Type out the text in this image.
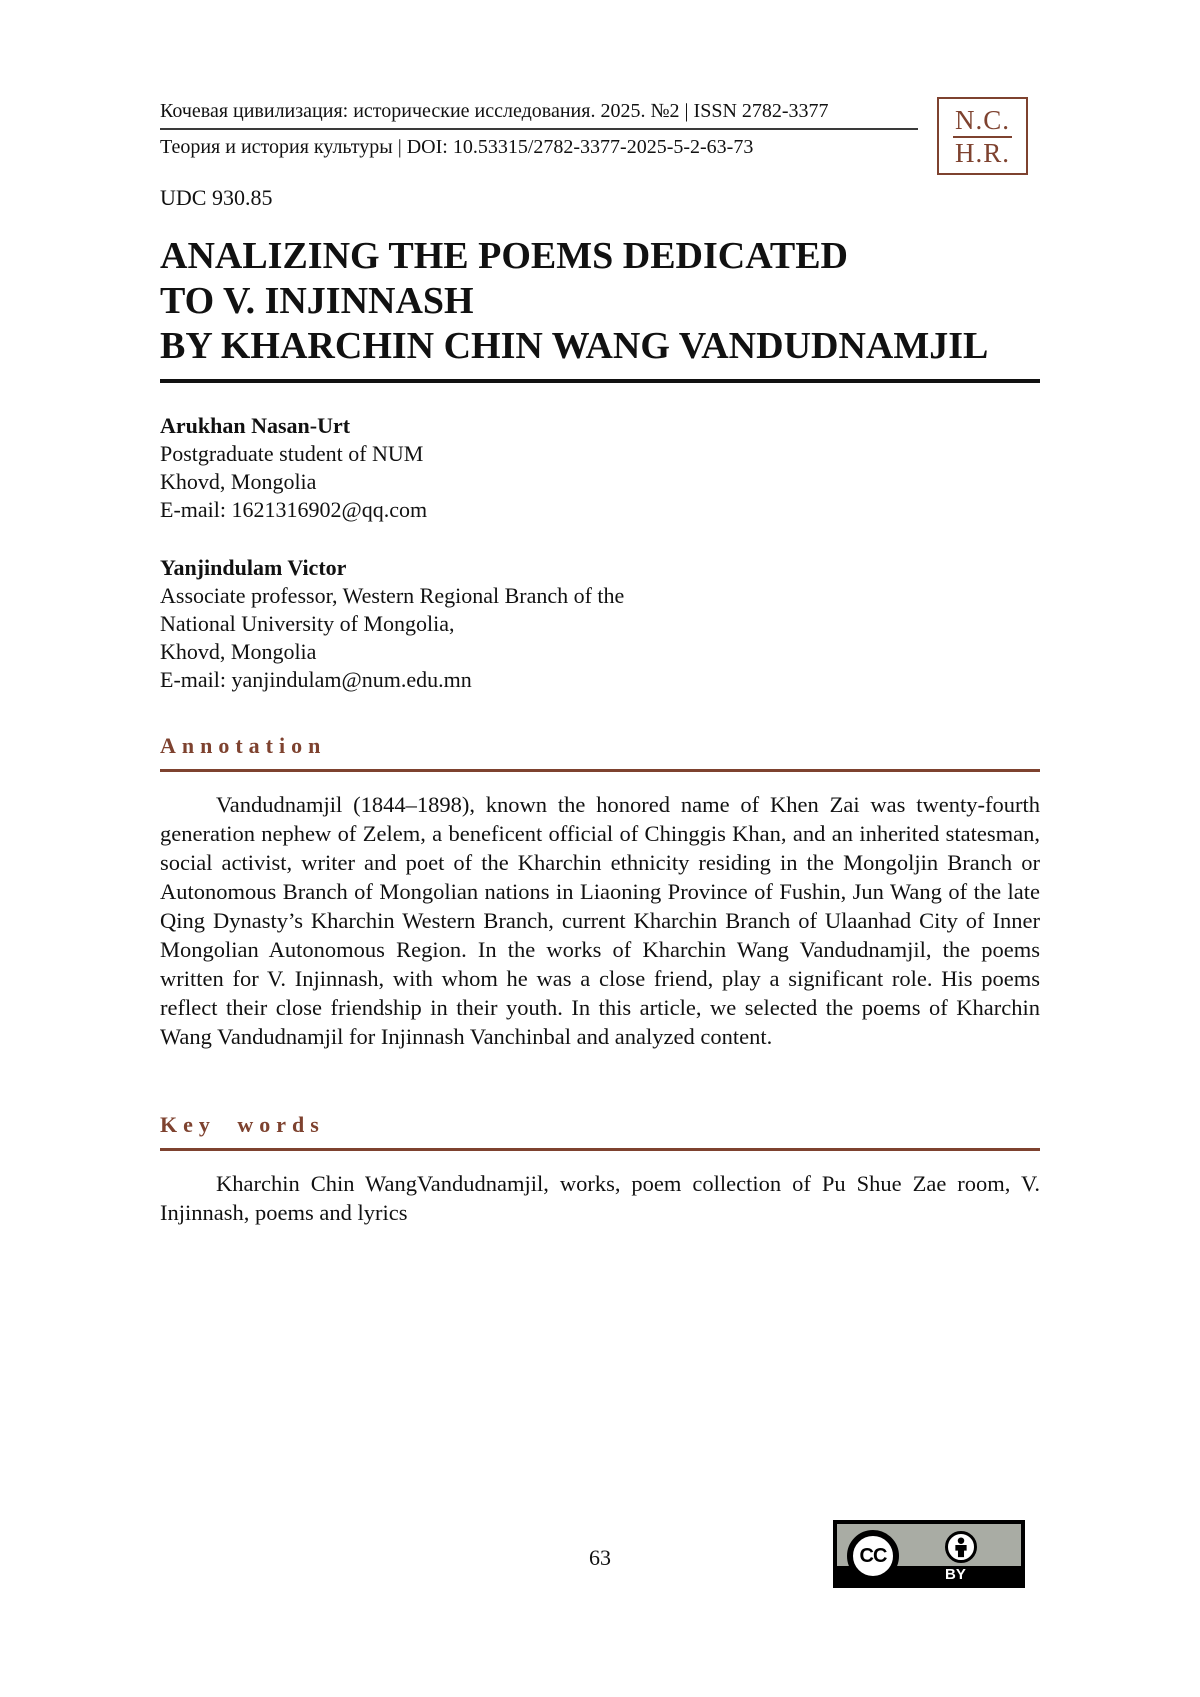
Кочевая цивилизация: исторические исследования. 2025. №2 | ISSN 2782-3377
Теория и история культуры | DOI: 10.53315/2782-3377-2025-5-2-63-73
N.C.
H.R.
UDC 930.85
ANALIZING THE POEMS DEDICATED
TO V. INJINNASH
BY KHARCHIN CHIN WANG VANDUDNAMJIL
Arukhan Nasan-Urt
Postgraduate student of NUM
Khovd, Mongolia
E-mail: 1621316902@qq.com
Yanjindulam Victor
Associate professor, Western Regional Branch of the
National University of Mongolia,
Khovd, Mongolia
E-mail: yanjindulam@num.edu.mn
Annotation
Vandudnamjil (1844–1898), known the honored name of Khen Zai was twenty-fourth generation nephew of Zelem, a beneficent official of Chinggis Khan, and an inherited statesman, social activist, writer and poet of the Kharchin ethnicity residing in the Mongoljin Branch or Autonomous Branch of Mongolian nations in Liaoning Province of Fushin, Jun Wang of the late Qing Dynasty’s Kharchin Western Branch, current Kharchin Branch of Ulaanhad City of Inner Mongolian Autonomous Region. In the works of Kharchin Wang Vandudnamjil, the poems written for V. Injinnash, with whom he was a close friend, play a significant role. His poems reflect their close friendship in their youth. In this article, we selected the poems of Kharchin Wang Vandudnamjil for Injinnash Vanchinbal and analyzed content.
Key words
Kharchin Chin WangVandudnamjil, works, poem collection of Pu Shue Zae room, V. Injinnash, poems and lyrics
63
BY
CC
